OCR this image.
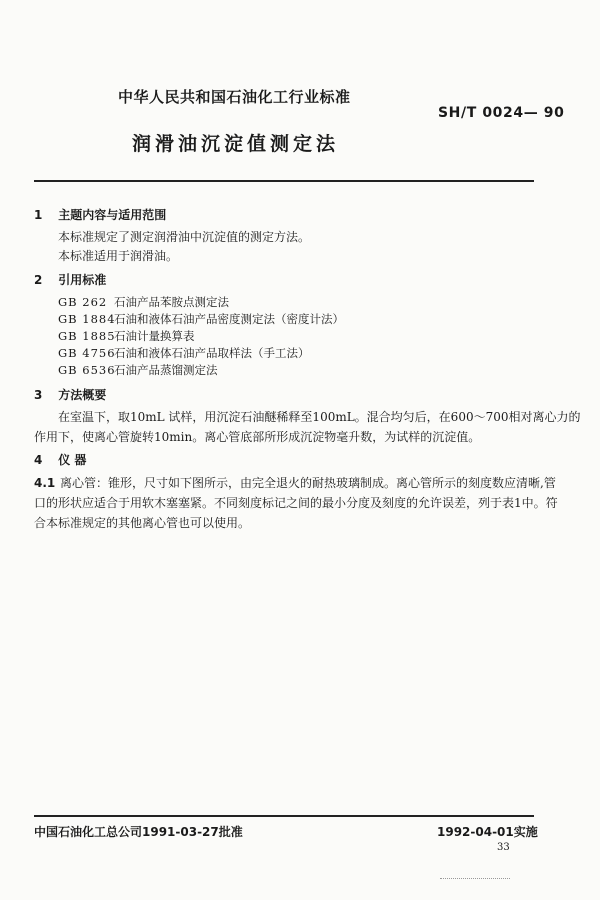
中华人民共和国石油化工行业标准
SH/T 0024— 90
润滑油沉淀值测定法
1 主题内容与适用范围
本标准规定了测定润滑油中沉淀值的测定方法。
本标准适用于润滑油。
2 引用标准
GB 262 石油产品苯胺点测定法
GB 1884石油和液体石油产品密度测定法（密度计法）
GB 1885石油计量换算表
GB 4756石油和液体石油产品取样法（手工法）
GB 6536石油产品蒸馏测定法
3 方法概要
在室温下，取10mL 试样，用沉淀石油醚稀释至100mL。混合均匀后，在600～700相对离心力的
作用下，使离心管旋转10min。离心管底部所形成沉淀物毫升数，为试样的沉淀值。
4 仪 器
4.1 离心管：锥形，尺寸如下图所示，由完全退火的耐热玻璃制成。离心管所示的刻度数应清晰,管
口的形状应适合于用软木塞塞紧。不同刻度标记之间的最小分度及刻度的允许误差，列于表1中。符
合本标准规定的其他离心管也可以使用。
中国石油化工总公司1991-03-27批准	1992-04-01实施
33
